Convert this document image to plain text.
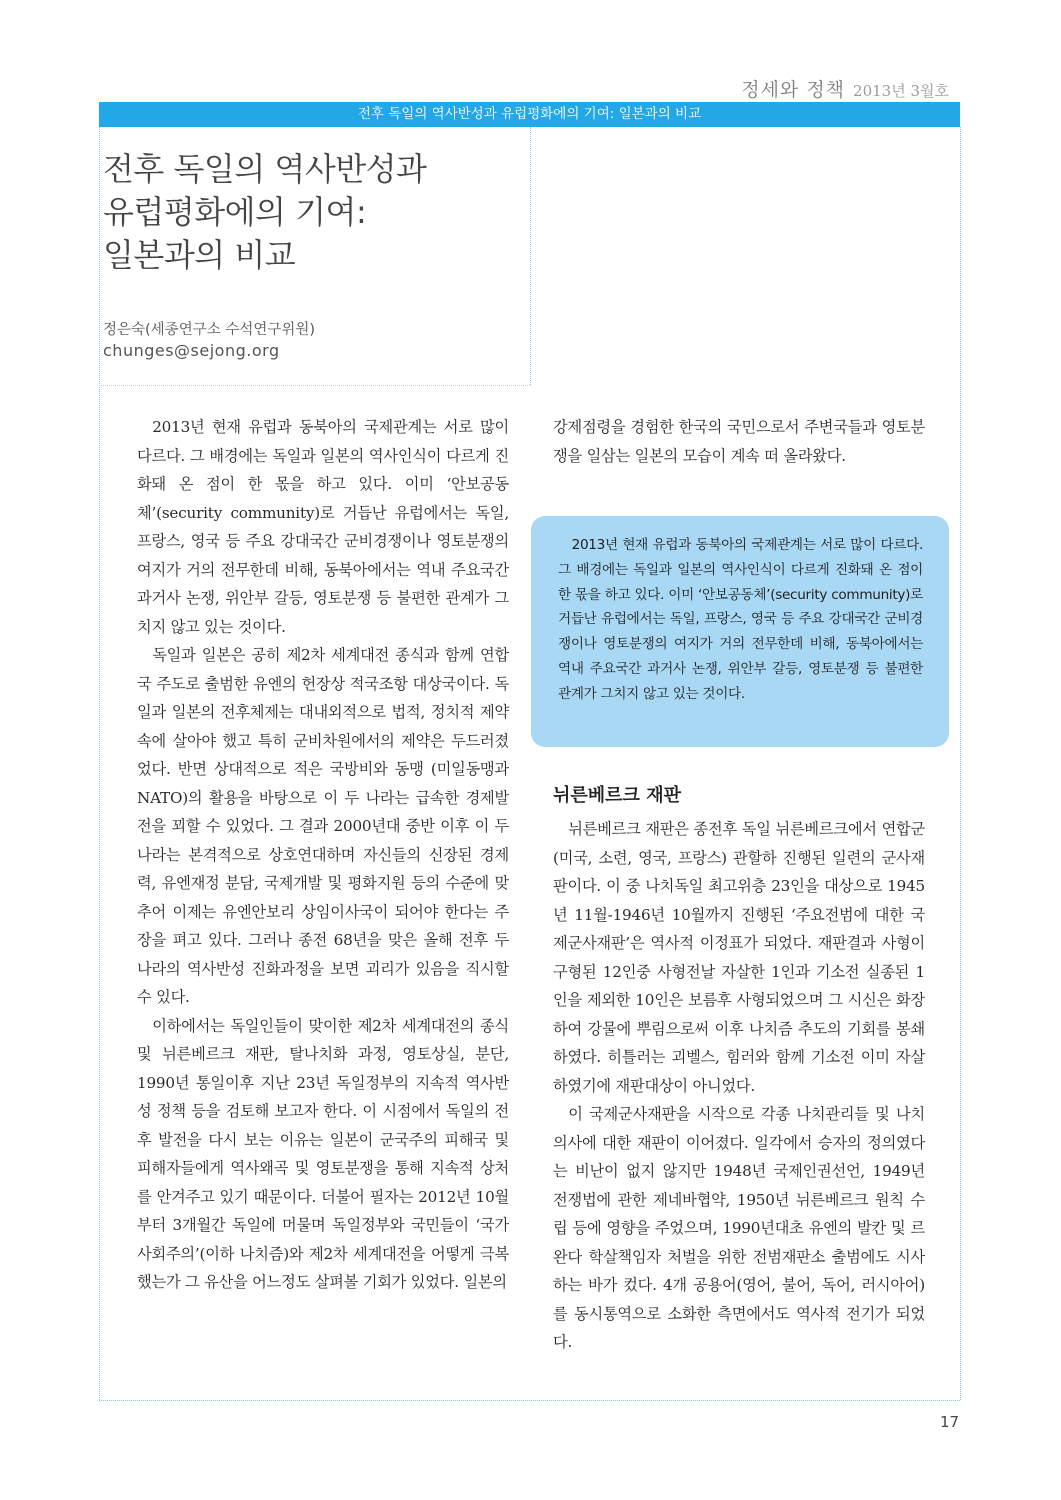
정세와 정책 2013년 3월호
전후 독일의 역사반성과 유럽평화에의 기여: 일본과의 비교
전후 독일의 역사반성과
유럽평화에의 기여:
일본과의 비교
정은숙(세종연구소 수석연구위원)
chunges@sejong.org

2013년 현재 유럽과 동북아의 국제관계는 서로 많이 다르다. 그 배경에는 독일과 일본의 역사인식이 다르게 진화돼 온 점이 한 몫을 하고 있다. 이미 ‘안보공동체’(security community)로 거듭난 유럽에서는 독일, 프랑스, 영국 등 주요 강대국간 군비경쟁이나 영토분쟁의 여지가 거의 전무한데 비해, 동북아에서는 역내 주요국간 과거사 논쟁, 위안부 갈등, 영토분쟁 등 불편한 관계가 그치지 않고 있는 것이다.

독일과 일본은 공히 제2차 세계대전 종식과 함께 연합국 주도로 출범한 유엔의 헌장상 적국조항 대상국이다. 독일과 일본의 전후체제는 대내외적으로 법적, 정치적 제약속에 살아야 했고 특히 군비차원에서의 제약은 두드러졌었다. 반면 상대적으로 적은 국방비와 동맹 (미일동맹과 NATO)의 활용을 바탕으로 이 두 나라는 급속한 경제발전을 꾀할 수 있었다. 그 결과 2000년대 중반 이후 이 두 나라는 본격적으로 상호연대하며 자신들의 신장된 경제력, 유엔재정 분담, 국제개발 및 평화지원 등의 수준에 맞추어 이제는 유엔안보리 상임이사국이 되어야 한다는 주장을 펴고 있다. 그러나 종전 68년을 맞은 올해 전후 두 나라의 역사반성 진화과정을 보면 괴리가 있음을 직시할 수 있다.

이하에서는 독일인들이 맞이한 제2차 세계대전의 종식 및 뉘른베르크 재판, 탈나치화 과정, 영토상실, 분단, 1990년 통일이후 지난 23년 독일정부의 지속적 역사반성 정책 등을 검토해 보고자 한다. 이 시점에서 독일의 전후 발전을 다시 보는 이유는 일본이 군국주의 피해국 및 피해자들에게 역사왜곡 및 영토분쟁을 통해 지속적 상처를 안겨주고 있기 때문이다. 더불어 필자는 2012년 10월부터 3개월간 독일에 머물며 독일정부와 국민들이 ‘국가사회주의’(이하 나치즘)와 제2차 세계대전을 어떻게 극복했는가 그 유산을 어느정도 살펴볼 기회가 있었다. 일본의

강제점령을 경험한 한국의 국민으로서 주변국들과 영토분쟁을 일삼는 일본의 모습이 계속 떠 올라왔다.

2013년 현재 유럽과 동북아의 국제관계는 서로 많이 다르다. 그 배경에는 독일과 일본의 역사인식이 다르게 진화돼 온 점이 한 몫을 하고 있다. 이미 ‘안보공동체’(security community)로 거듭난 유럽에서는 독일, 프랑스, 영국 등 주요 강대국간 군비경쟁이나 영토분쟁의 여지가 거의 전무한데 비해, 동북아에서는 역내 주요국간 과거사 논쟁, 위안부 갈등, 영토분쟁 등 불편한 관계가 그치지 않고 있는 것이다.

뉘른베르크 재판

뉘른베르크 재판은 종전후 독일 뉘른베르크에서 연합군 (미국, 소련, 영국, 프랑스) 관할하 진행된 일련의 군사재판이다. 이 중 나치독일 최고위층 23인을 대상으로 1945년 11월-1946년 10월까지 진행된 ‘주요전범에 대한 국제군사재판’은 역사적 이정표가 되었다. 재판결과 사형이 구형된 12인중 사형전날 자살한 1인과 기소전 실종된 1인을 제외한 10인은 보름후 사형되었으며 그 시신은 화장하여 강물에 뿌림으로써 이후 나치즘 추도의 기회를 봉쇄하였다. 히틀러는 괴벨스, 힘러와 함께 기소전 이미 자살하였기에 재판대상이 아니었다.

이 국제군사재판을 시작으로 각종 나치관리들 및 나치의사에 대한 재판이 이어졌다. 일각에서 승자의 정의였다는 비난이 없지 않지만 1948년 국제인권선언, 1949년 전쟁법에 관한 제네바협약, 1950년 뉘른베르크 원칙 수립 등에 영향을 주었으며, 1990년대초 유엔의 발칸 및 르완다 학살책임자 처벌을 위한 전범재판소 출범에도 시사하는 바가 컸다. 4개 공용어(영어, 불어, 독어, 러시아어)를 동시통역으로 소화한 측면에서도 역사적 전기가 되었다.

17
